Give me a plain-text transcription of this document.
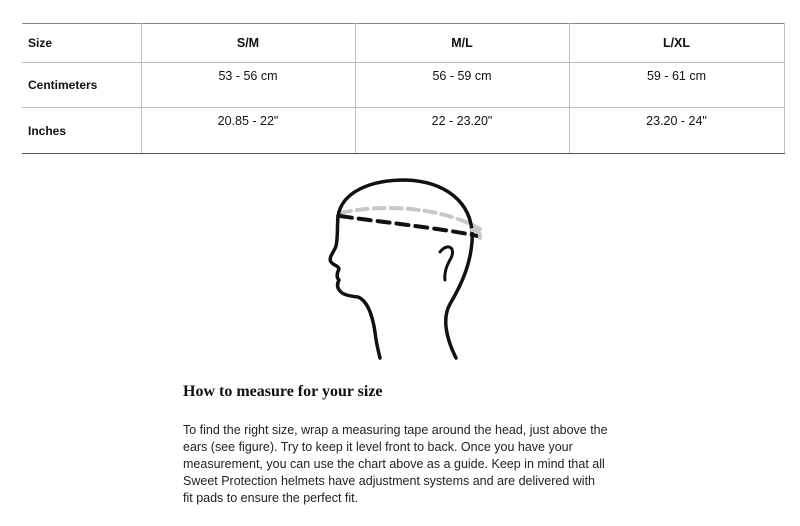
Size	S/M	M/L	L/XL
Centimeters	53 - 56 cm	56 - 59 cm	59 - 61 cm
Inches	20.85 - 22"	22 - 23.20"	23.20 - 24"
How to measure for your size

To find the right size, wrap a measuring tape around the head, just above the
ears (see figure). Try to keep it level front to back. Once you have your
measurement, you can use the chart above as a guide. Keep in mind that all
Sweet Protection helmets have adjustment systems and are delivered with
fit pads to ensure the perfect fit.
